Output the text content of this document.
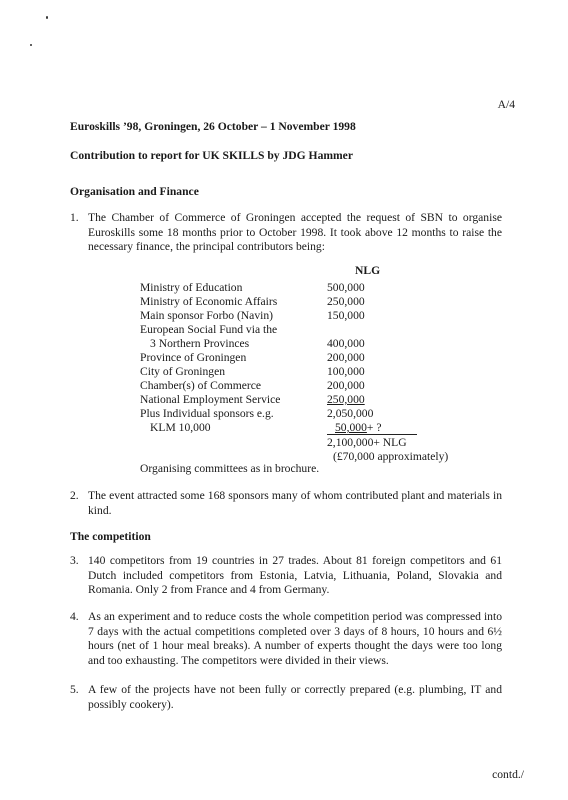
A/4
Euroskills ’98, Groningen, 26 October – 1 November 1998
Contribution to report for UK SKILLS by JDG Hammer
Organisation and Finance
1. The Chamber of Commerce of Groningen accepted the request of SBN to organise Euroskills some 18 months prior to October 1998. It took above 12 months to raise the necessary finance, the principal contributors being:
NLG
Ministry of Education	500,000
Ministry of Economic Affairs	250,000
Main sponsor Forbo (Navin)	150,000
European Social Fund via the
3 Northern Provinces	400,000
Province of Groningen	200,000
City of Groningen	100,000
Chamber(s) of Commerce	200,000
National Employment Service	250,000
Plus Individual sponsors e.g.	2,050,000
KLM 10,000	50,000+ ?
2,100,000+ NLG
(£70,000 approximately)
Organising committees as in brochure.
2. The event attracted some 168 sponsors many of whom contributed plant and materials in kind.
The competition
3. 140 competitors from 19 countries in 27 trades. About 81 foreign competitors and 61 Dutch included competitors from Estonia, Latvia, Lithuania, Poland, Slovakia and Romania. Only 2 from France and 4 from Germany.
4. As an experiment and to reduce costs the whole competition period was compressed into 7 days with the actual competitions completed over 3 days of 8 hours, 10 hours and 6½ hours (net of 1 hour meal breaks). A number of experts thought the days were too long and too exhausting. The competitors were divided in their views.
5. A few of the projects have not been fully or correctly prepared (e.g. plumbing, IT and possibly cookery).
contd./
